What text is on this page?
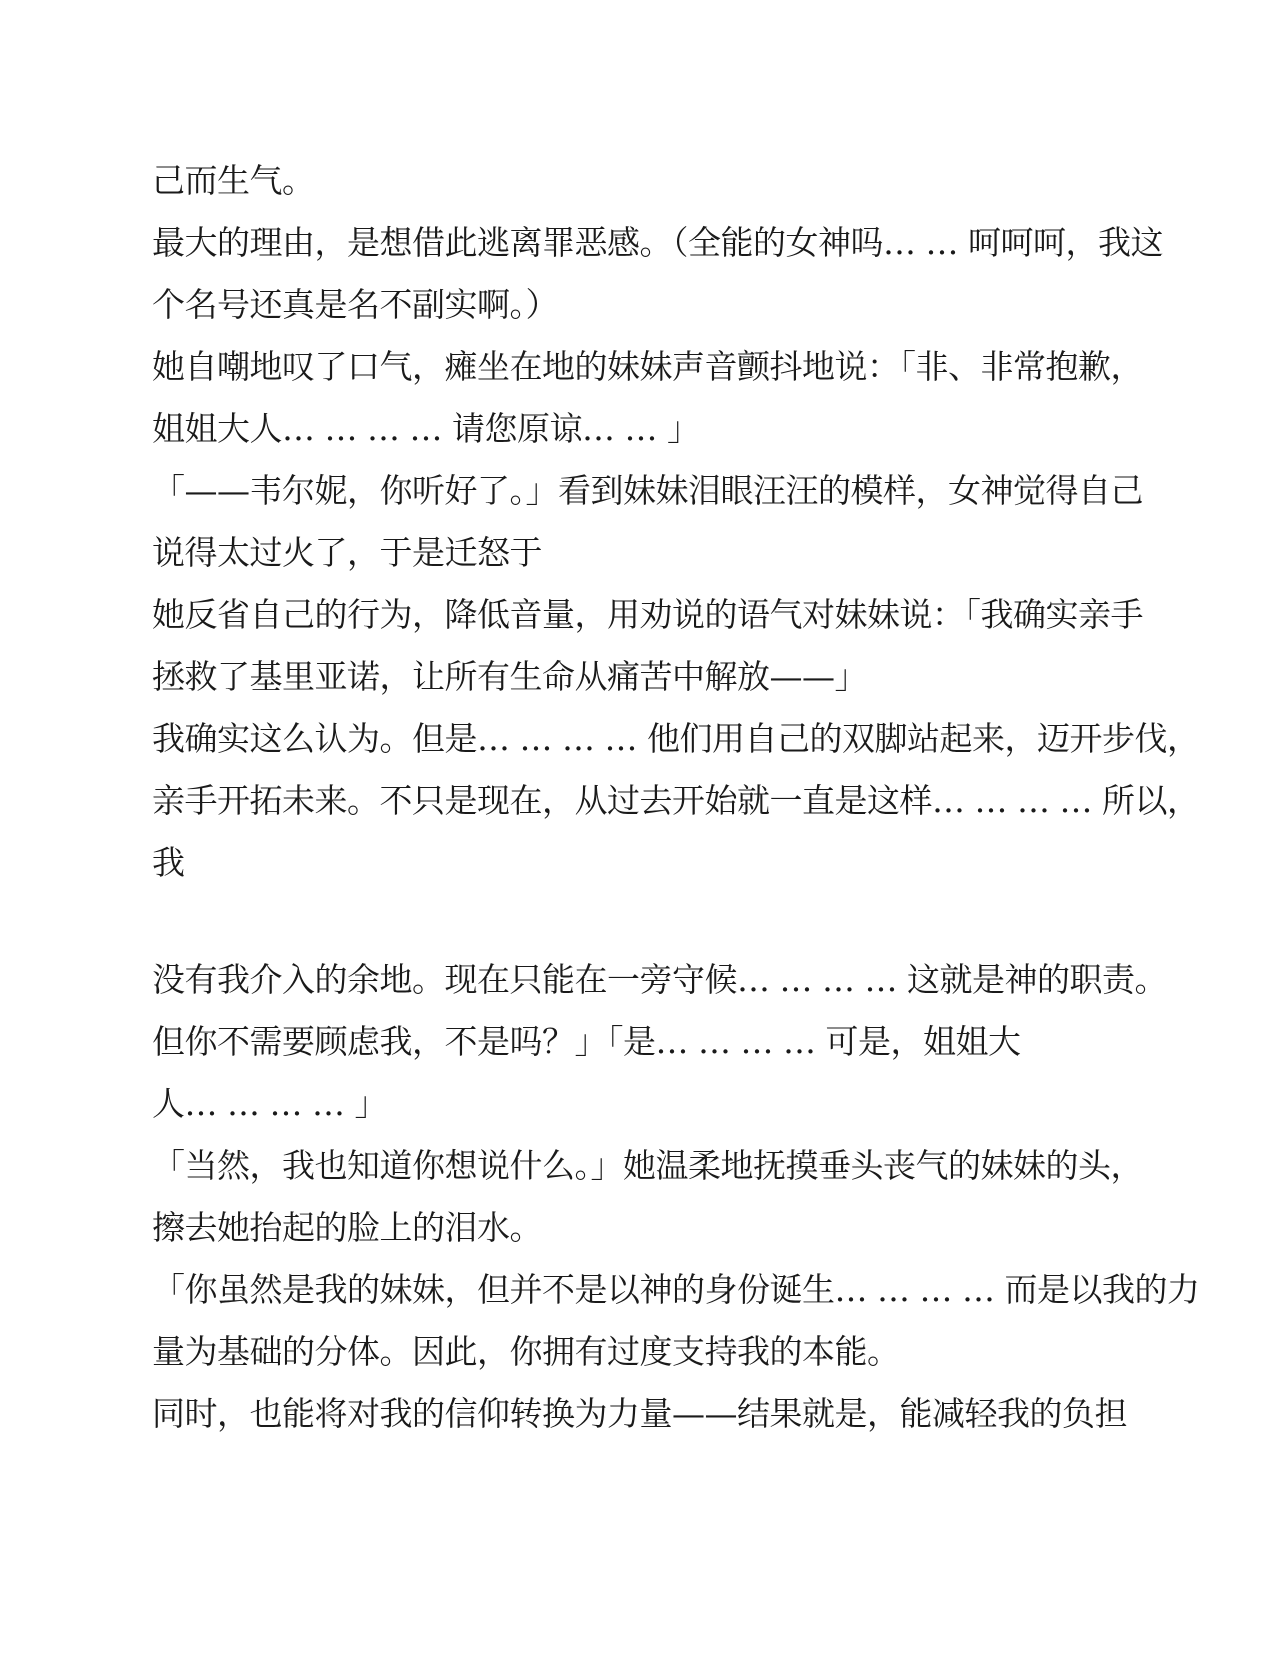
己而生气。
最大的理由，是想借此逃离罪恶感。（全能的女神吗… … 呵呵呵，我这
个名号还真是名不副实啊。）
她自嘲地叹了口气，瘫坐在地的妹妹声音颤抖地说：「非、非常抱歉，
姐姐大人… … … … 请您原谅… … 」
「——韦尔妮，你听好了。」看到妹妹泪眼汪汪的模样，女神觉得自己
说得太过火了，于是迁怒于
她反省自己的行为，降低音量，用劝说的语气对妹妹说：「我确实亲手
拯救了基里亚诺，让所有生命从痛苦中解放——」
我确实这么认为。但是… … … … 他们用自己的双脚站起来，迈开步伐，
亲手开拓未来。不只是现在，从过去开始就一直是这样… … … … 所以，
我
没有我介入的余地。现在只能在一旁守候… … … … 这就是神的职责。
但你不需要顾虑我，不是吗？」「是… … … … 可是，姐姐大
人… … … … 」
「当然，我也知道你想说什么。」她温柔地抚摸垂头丧气的妹妹的头，
擦去她抬起的脸上的泪水。
「你虽然是我的妹妹，但并不是以神的身份诞生… … … … 而是以我的力
量为基础的分体。因此，你拥有过度支持我的本能。
同时，也能将对我的信仰转换为力量——结果就是，能减轻我的负担
